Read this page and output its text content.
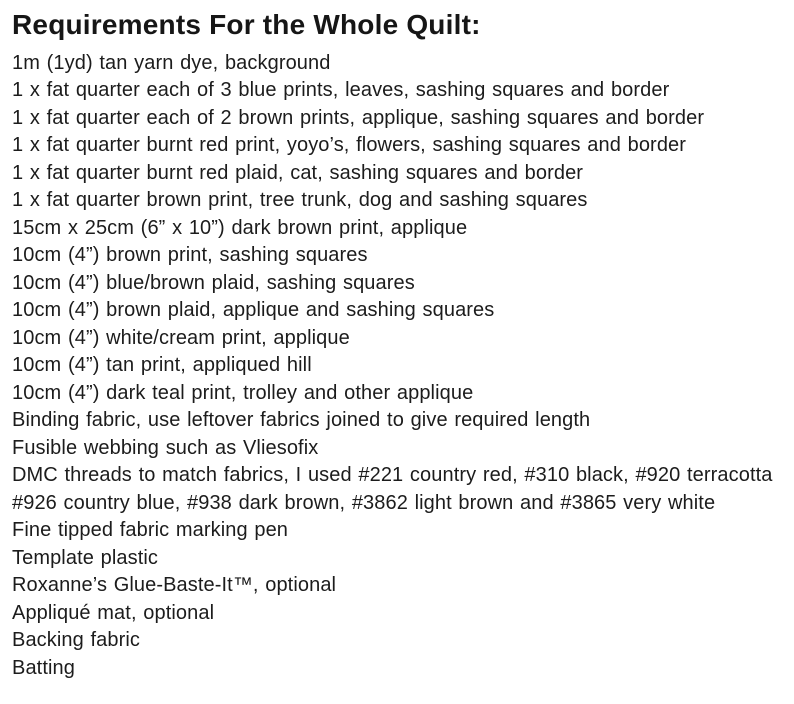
Requirements For the Whole Quilt:
1m (1yd) tan yarn dye, background
1 x fat quarter each of 3 blue prints, leaves, sashing squares and border
1 x fat quarter each of 2 brown prints, applique, sashing squares and border
1 x fat quarter burnt red print, yoyo’s, flowers, sashing squares and border
1 x fat quarter burnt red plaid, cat, sashing squares and border
1 x fat quarter brown print, tree trunk, dog and sashing squares
15cm x 25cm (6” x 10”) dark brown print, applique
10cm (4”) brown print, sashing squares
10cm (4”) blue/brown plaid, sashing squares
10cm (4”) brown plaid, applique and sashing squares
10cm (4”) white/cream print, applique
10cm (4”) tan print, appliqued hill
10cm (4”) dark teal print, trolley and other applique
Binding fabric, use leftover fabrics joined to give required length
Fusible webbing such as Vliesofix
DMC threads to match fabrics, I used #221 country red, #310 black, #920 terracotta #926 country blue, #938 dark brown, #3862 light brown and #3865 very white
Fine tipped fabric marking pen
Template plastic
Roxanne’s Glue-Baste-It™, optional
Appliqué mat, optional
Backing fabric
Batting
